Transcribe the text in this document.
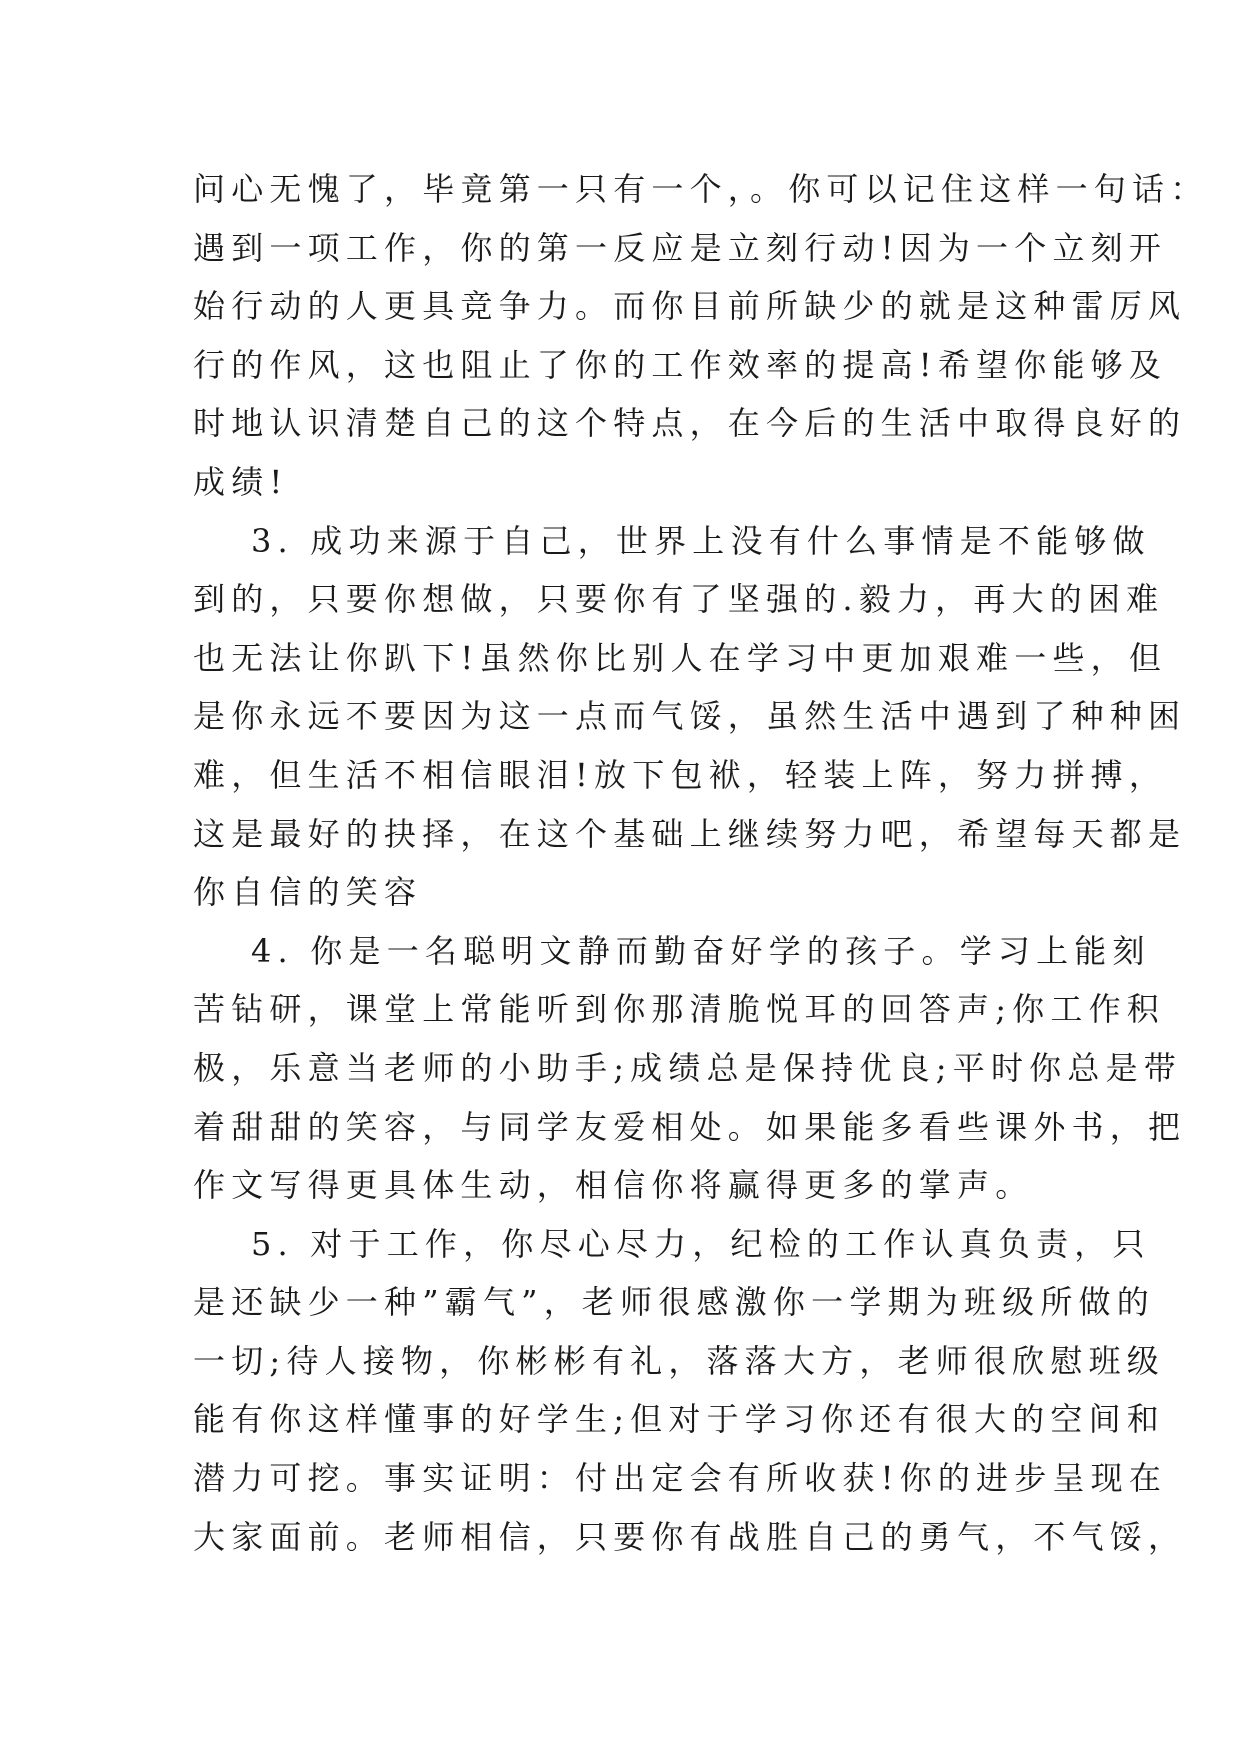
问心无愧了，毕竟第一只有一个，。你可以记住这样一句话：
遇到一项工作，你的第一反应是立刻行动!因为一个立刻开
始行动的人更具竞争力。而你目前所缺少的就是这种雷厉风
行的作风，这也阻止了你的工作效率的提高!希望你能够及
时地认识清楚自己的这个特点，在今后的生活中取得良好的
成绩!
3. 成功来源于自己，世界上没有什么事情是不能够做
到的，只要你想做，只要你有了坚强的.毅力，再大的困难
也无法让你趴下!虽然你比别人在学习中更加艰难一些，但
是你永远不要因为这一点而气馁，虽然生活中遇到了种种困
难，但生活不相信眼泪!放下包袱，轻装上阵，努力拼搏，
这是最好的抉择，在这个基础上继续努力吧，希望每天都是
你自信的笑容
4. 你是一名聪明文静而勤奋好学的孩子。学习上能刻
苦钻研，课堂上常能听到你那清脆悦耳的回答声;你工作积
极，乐意当老师的小助手;成绩总是保持优良;平时你总是带
着甜甜的笑容，与同学友爱相处。如果能多看些课外书，把
作文写得更具体生动，相信你将赢得更多的掌声。
5. 对于工作，你尽心尽力，纪检的工作认真负责，只
是还缺少一种”霸气”，老师很感激你一学期为班级所做的
一切;待人接物，你彬彬有礼，落落大方，老师很欣慰班级
能有你这样懂事的好学生;但对于学习你还有很大的空间和
潜力可挖。事实证明：付出定会有所收获!你的进步呈现在
大家面前。老师相信，只要你有战胜自己的勇气，不气馁，
